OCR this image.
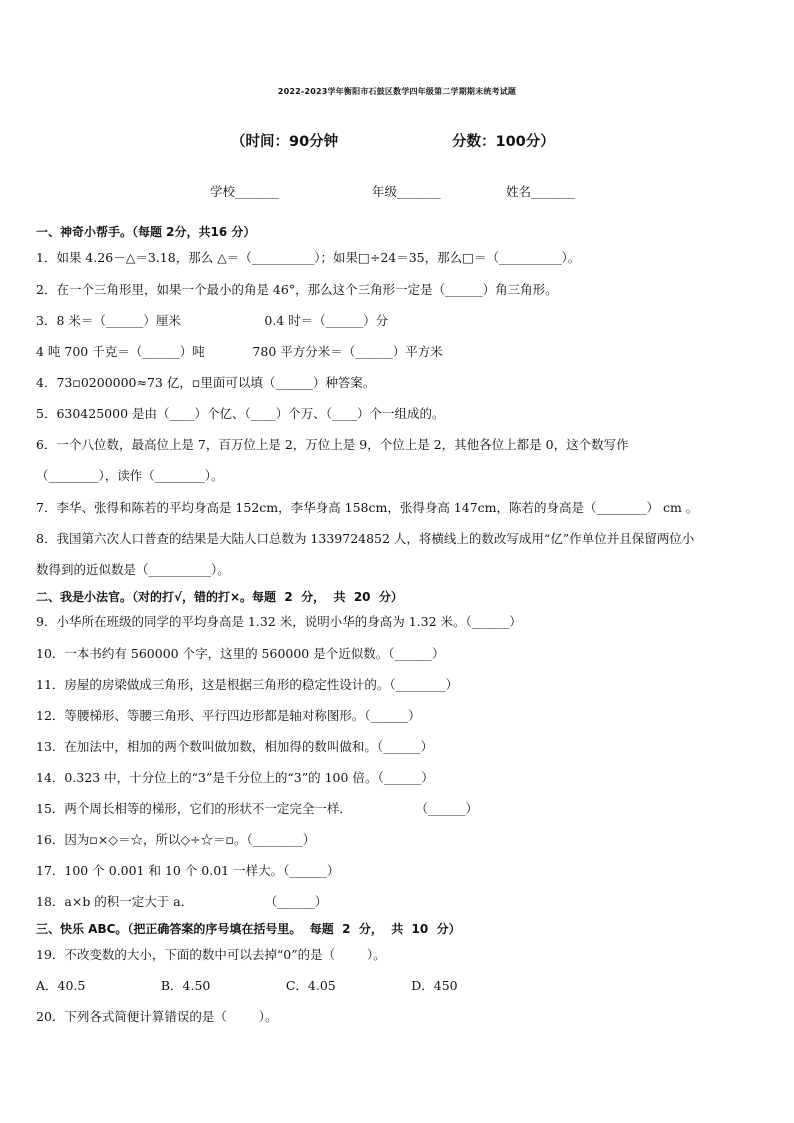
2022-2023学年衡阳市石鼓区数学四年级第二学期期末统考试题
（时间：90分钟	分数：100分）
学校_______	年级_______	姓名_______
一、神奇小帮手。（每题 2分，共16 分）
1．如果 4.26－△＝3.18，那么 △＝（__________）；如果□÷24＝35，那么□＝（__________）。
2．在一个三角形里，如果一个最小的角是 46°，那么这个三角形一定是（______）角三角形。
3．8 米＝（______）厘米                     0.4 时＝（______）分
4 吨 700 千克＝（______）吨            780 平方分米＝（______）平方米
4．73▫0200000≈73 亿，▫里面可以填（______）种答案。
5．630425000 是由（____）个亿、（____）个万、（____）个一组成的。
6．一个八位数，最高位上是 7，百万位上是 2，万位上是 9，个位上是 2，其他各位上都是 0，这个数写作
（________），读作（________）。
7．李华、张得和陈若的平均身高是 152cm，李华身高 158cm，张得身高 147cm，陈若的身高是（________） cm 。
8．我国第六次人口普查的结果是大陆人口总数为 1339724852 人，将横线上的数改写成用“亿”作单位并且保留两位小
数得到的近似数是（__________）。
二、我是小法官。（对的打√，错的打×。每题  2  分，  共  20  分）
9．小华所在班级的同学的平均身高是 1.32 米，说明小华的身高为 1.32 米。（______）
10．一本书约有 560000 个字，这里的 560000 是个近似数。（______）
11．房屋的房梁做成三角形，这是根据三角形的稳定性设计的。（________）
12．等腰梯形、等腰三角形、平行四边形都是轴对称图形。（______）
13．在加法中，相加的两个数叫做加数，相加得的数叫做和。（______）
14．0.323 中，十分位上的“3”是千分位上的“3”的 100 倍。（______）
15．两个周长相等的梯形，它们的形状不一定完全一样．                （______）
16．因为▫×◇＝☆，所以◇÷☆＝▫。（________）
17．100 个 0.001 和 10 个 0.01 一样大。（______）
18．a×b 的积一定大于 a．                  （______）
三、快乐 ABC。（把正确答案的序号填在括号里。  每题  2  分，  共  10  分）
19．不改变数的大小，下面的数中可以去掉“0”的是（        ）。
A．40.5                   B．4.50                   C．4.05                   D．450
20．下列各式简便计算错误的是（        ）。
